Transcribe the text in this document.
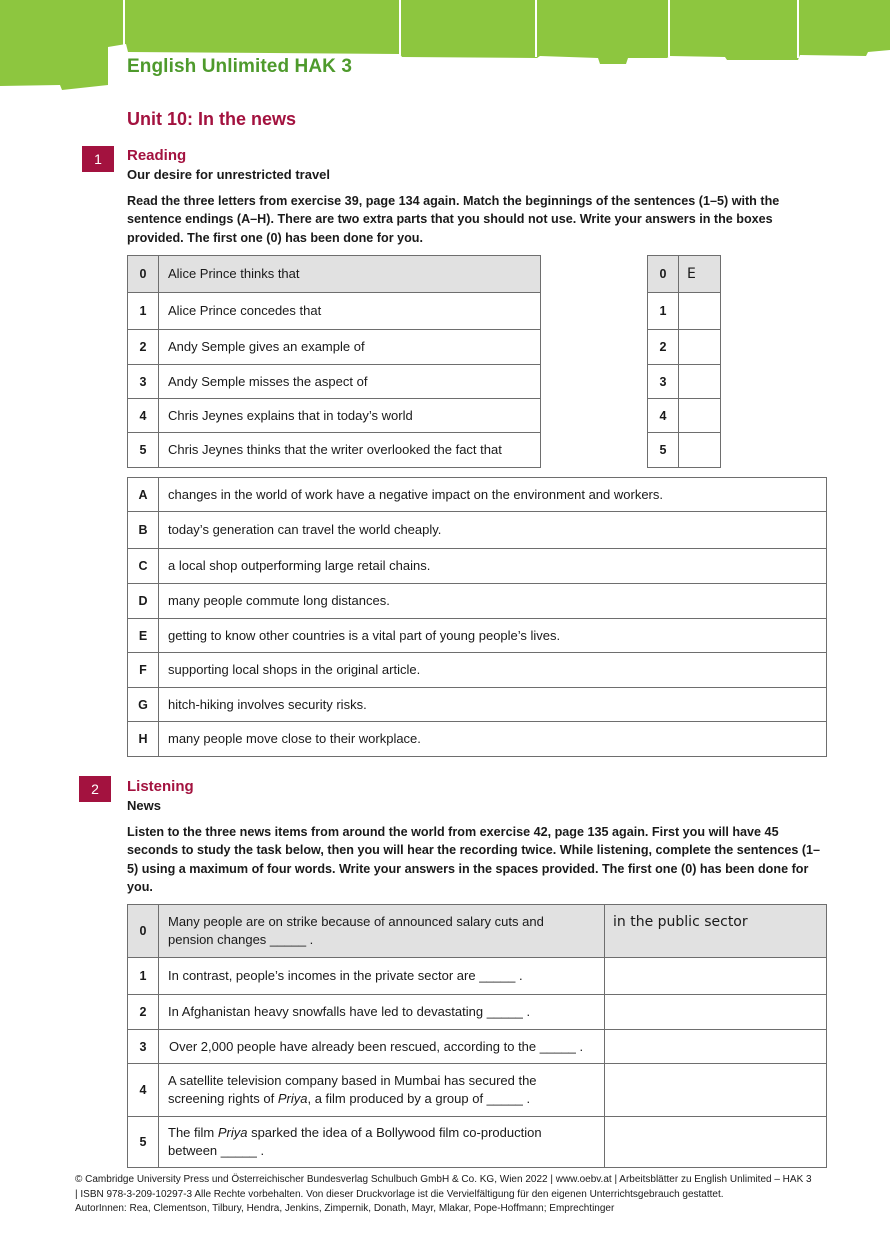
English Unlimited HAK 3
Unit 10: In the news
1	Reading
Our desire for unrestricted travel
Read the three letters from exercise 39, page 134 again. Match the beginnings of the sentences (1–5) with the sentence endings (A–H). There are two extra parts that you should not use. Write your answers in the boxes provided. The first one (0) has been done for you.
0	Alice Prince thinks that
1	Alice Prince concedes that
2	Andy Semple gives an example of
3	Andy Semple misses the aspect of
4	Chris Jeynes explains that in today’s world
5	Chris Jeynes thinks that the writer overlooked the fact that
0	E
1	
2	
3	
4	
5	
A	changes in the world of work have a negative impact on the environment and workers.
B	today’s generation can travel the world cheaply.
C	a local shop outperforming large retail chains.
D	many people commute long distances.
E	getting to know other countries is a vital part of young people’s lives.
F	supporting local shops in the original article.
G	hitch-hiking involves security risks.
H	many people move close to their workplace.
2	Listening
News
Listen to the three news items from around the world from exercise 42, page 135 again. First you will have 45 seconds to study the task below, then you will hear the recording twice. While listening, complete the sentences (1–5) using a maximum of four words. Write your answers in the spaces provided. The first one (0) has been done for you.
0	Many people are on strike because of announced salary cuts and pension changes _____ .	in the public sector
1	In contrast, people’s incomes in the private sector are _____ .	
2	In Afghanistan heavy snowfalls have led to devastating _____ .	
3	Over 2,000 people have already been rescued, according to the _____ .	
4	A satellite television company based in Mumbai has secured the screening rights of Priya, a film produced by a group of _____ .	
5	The film Priya sparked the idea of a Bollywood film co-production between _____ .	
© Cambridge University Press und Österreichischer Bundesverlag Schulbuch GmbH & Co. KG, Wien 2022 | www.oebv.at | Arbeitsblätter zu English Unlimited – HAK 3 | ISBN 978-3-209-10297-3 Alle Rechte vorbehalten. Von dieser Druckvorlage ist die Vervielfältigung für den eigenen Unterrichtsgebrauch gestattet.
AutorInnen: Rea, Clementson, Tilbury, Hendra, Jenkins, Zimpernik, Donath, Mayr, Mlakar, Pope-Hoffmann; Emprechtinger
